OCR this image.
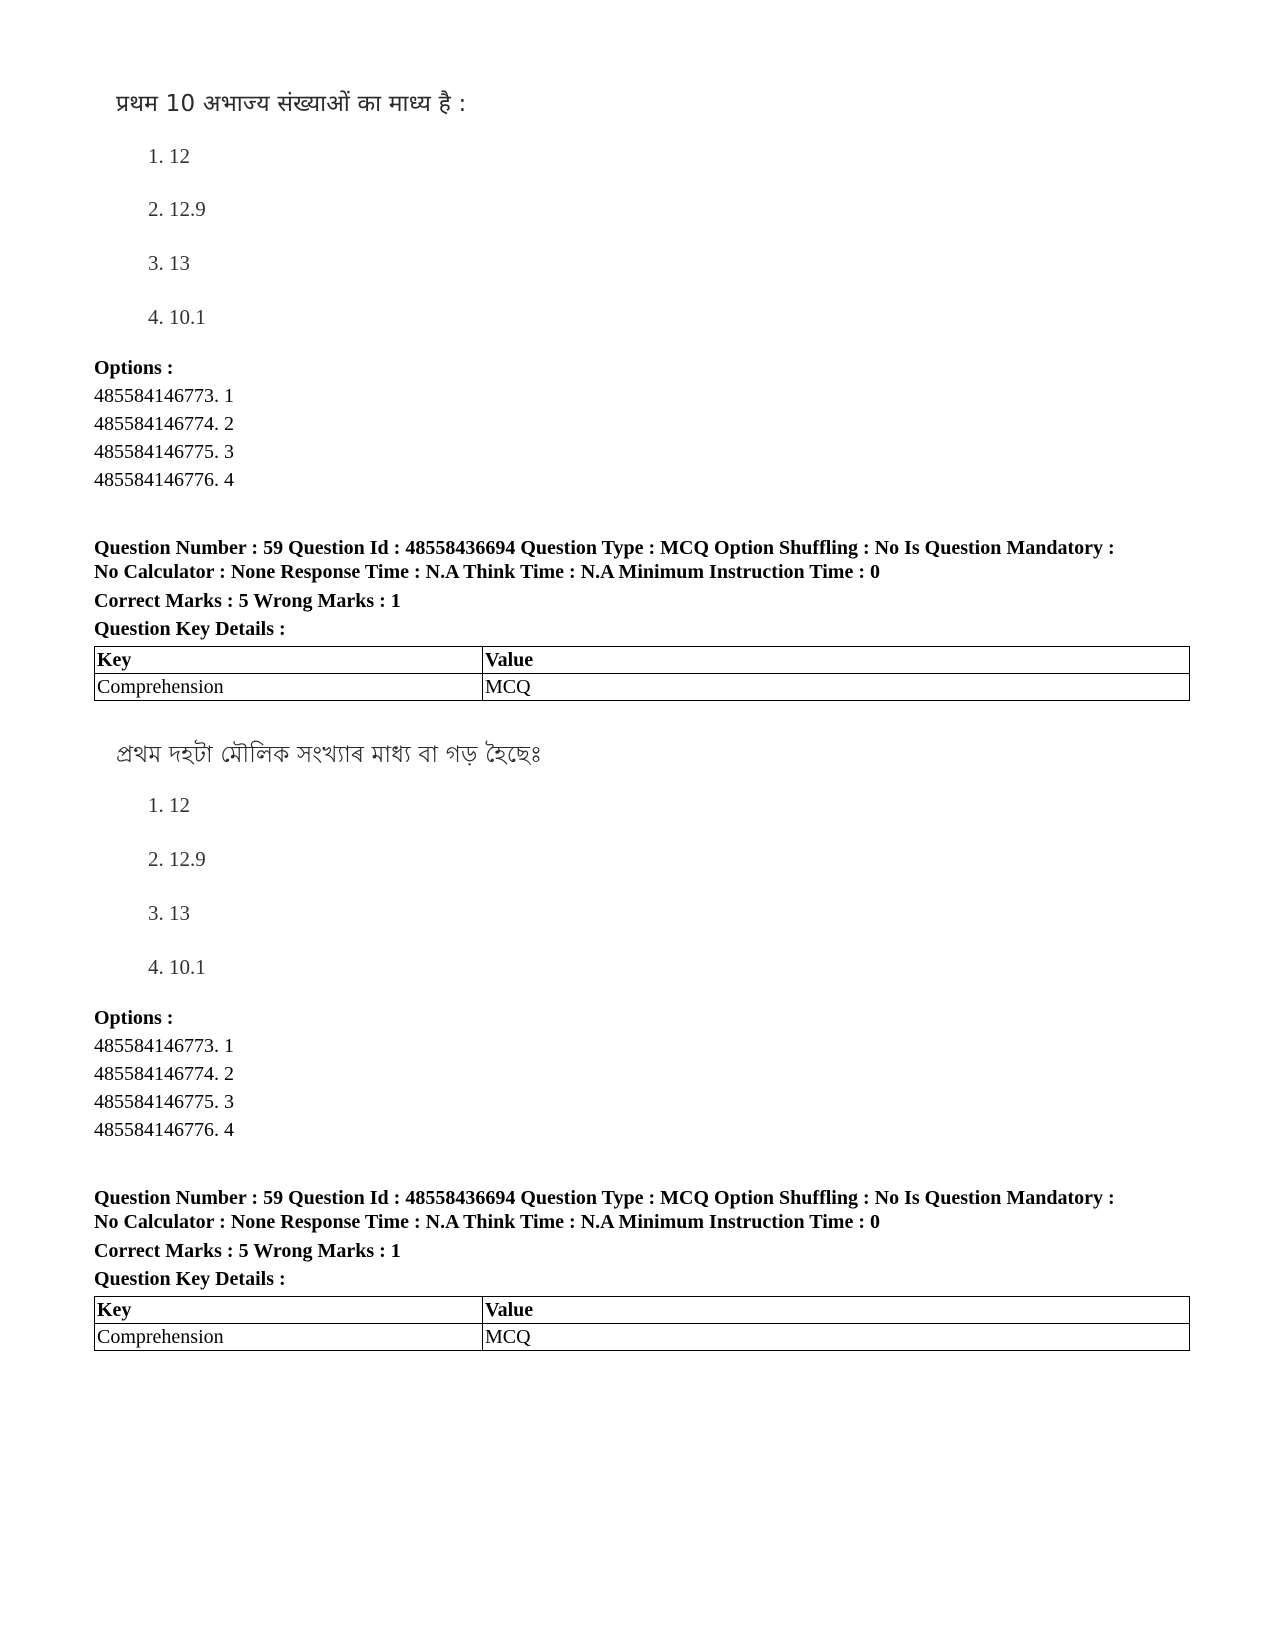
प्रथम 10 अभाज्य संख्याओं का माध्य है :
1. 12
2. 12.9
3. 13
4. 10.1
Options :
485584146773. 1
485584146774. 2
485584146775. 3
485584146776. 4
Question Number : 59 Question Id : 48558436694 Question Type : MCQ Option Shuffling : No Is Question Mandatory :
No Calculator : None Response Time : N.A Think Time : N.A Minimum Instruction Time : 0
Correct Marks : 5 Wrong Marks : 1
Question Key Details :
Key	Value
Comprehension	MCQ
প্ৰথম দহটা মৌলিক সংখ্যাৰ মাধ্য বা গড় হৈছেঃ
1. 12
2. 12.9
3. 13
4. 10.1
Options :
485584146773. 1
485584146774. 2
485584146775. 3
485584146776. 4
Question Number : 59 Question Id : 48558436694 Question Type : MCQ Option Shuffling : No Is Question Mandatory :
No Calculator : None Response Time : N.A Think Time : N.A Minimum Instruction Time : 0
Correct Marks : 5 Wrong Marks : 1
Question Key Details :
Key	Value
Comprehension	MCQ
